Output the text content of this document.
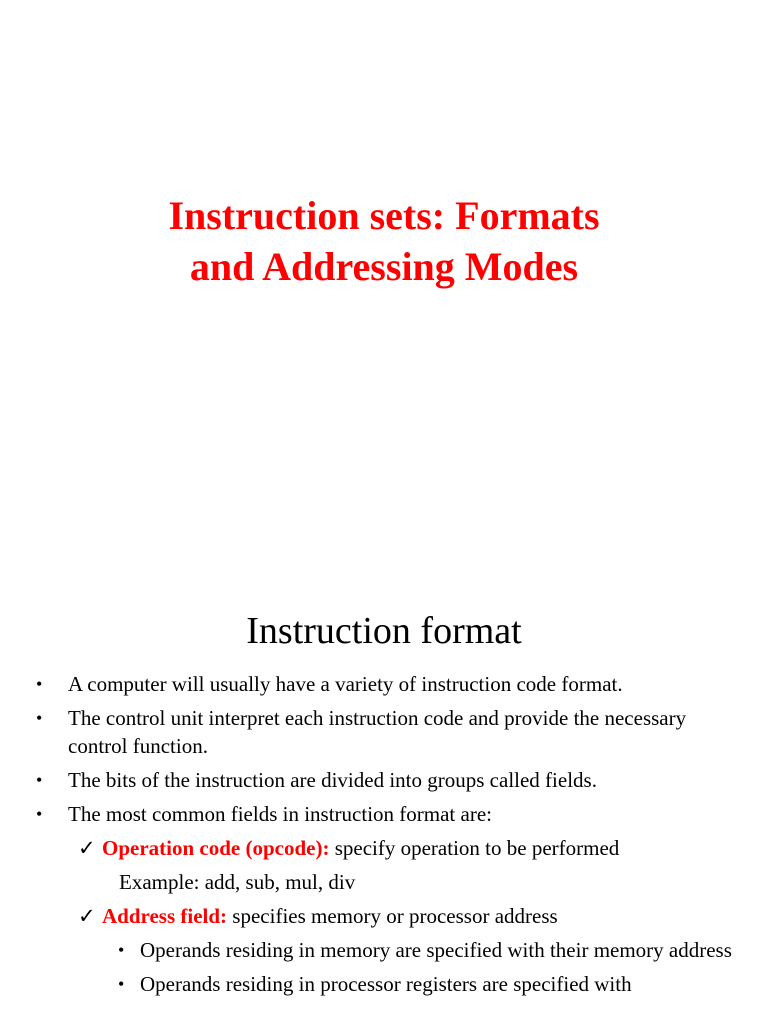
Instruction sets: Formats
and Addressing Modes
Instruction format
• A computer will usually have a variety of instruction code format.
• The control unit interpret each instruction code and provide the necessary control function.
• The bits of the instruction are divided into groups called fields.
• The most common fields in instruction format are:
✓ Operation code (opcode): specify operation to be performed
Example: add, sub, mul, div
✓ Address field: specifies memory or processor address
• Operands residing in memory are specified with their memory address
• Operands residing in processor registers are specified with
